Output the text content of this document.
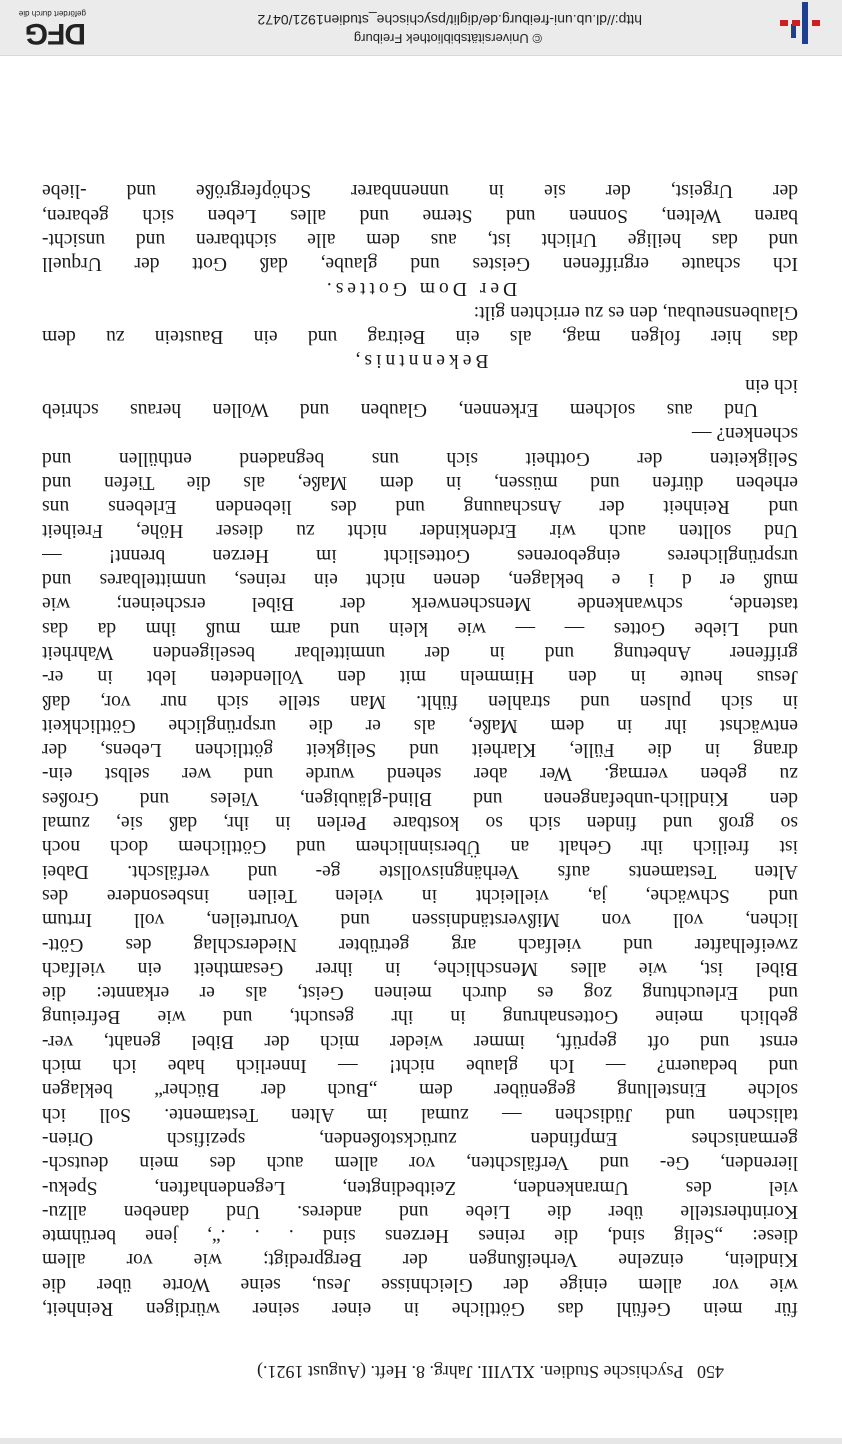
450   Psychische Studien. XLVIII. Jahrg. 8. Heft. (August 1921.)
für mein Gefühl das Göttliche in einer seiner würdigen Reinheit,
wie vor allem einige der Gleichnisse Jesu, seine Worte über die
Kindlein, einzelne Verheißungen der Bergpredigt; wie vor allem
diese: „Selig sind, die reines Herzens sind . . .“, jene berühmte
Korintherstelle über die Liebe und anderes. Und daneben allzu-
viel des Umrankenden, Zeitbedingten, Legendenhaften, Speku-
lierenden, Ge- und Verfälschten, vor allem auch des mein deutsch-
germanisches Empfinden zurückstoßenden, spezifisch Orien-
talischen und Jüdischen — zumal im Alten Testamente. Soll ich
solche Einstellung gegenüber dem „Buch der Bücher“ beklagen
und bedauern? — Ich glaube nicht! — Innerlich habe ich mich
ernst und oft geprüft, immer wieder mich der Bibel genaht, ver-
geblich meine Gottesnahrung in ihr gesucht, und wie Befreiung
und Erleuchtung zog es durch meinen Geist, als er erkannte: die
Bibel ist, wie alles Menschliche, in ihrer Gesamtheit ein vielfach
zweifelhafter und vielfach arg getrübter Niederschlag des Gött-
lichen, voll von Mißverständnissen und Vorurteilen, voll Irrtum
und Schwäche, ja, vielleicht in vielen Teilen insbesondere des
Alten Testaments aufs Verhängnisvollste ge- und verfälscht. Dabei
ist freilich ihr Gehalt an Übersinnlichem und Göttlichem doch noch
so groß und finden sich so kostbare Perlen in ihr, daß sie, zumal
den Kindlich-unbefangenen und Blind-gläubigen, Vieles und Großes
zu geben vermag. Wer aber sehend wurde und wer selbst ein-
drang in die Fülle, Klarheit und Seligkeit göttlichen Lebens, der
entwächst ihr in dem Maße, als er die ursprüngliche Göttlichkeit
in sich pulsen und strahlen fühlt. Man stelle sich nur vor, daß
Jesus heute in den Himmeln mit den Vollendeten lebt in er-
griffener Anbetung und in der unmittelbar beseligenden Wahrheit
und Liebe Gottes — — wie klein und arm muß ihm da das
tastende, schwankende Menschenwerk der Bibel erscheinen; wie
muß er d i e beklagen, denen nicht ein reines, unmittelbares und
ursprünglicheres eingeborenes Gotteslicht im Herzen brennt! —
Und sollten auch wir Erdenkinder nicht zu dieser Höhe, Freiheit
und Reinheit der Anschauung und des liebenden Erlebens uns
erheben dürfen und müssen, in dem Maße, als die Tiefen und
Seligkeiten der Gottheit sich uns begnadend enthüllen und
schenken? —
Und aus solchem Erkennen, Glauben und Wollen heraus schrieb
ich ein
Bekenntnis,
das hier folgen mag, als ein Beitrag und ein Baustein zu dem
Glaubensneubau, den es zu errichten gilt:
Der Dom Gottes.
Ich schaute ergriffenen Geistes und glaube, daß Gott der Urquell
und das heilige Urlicht ist, aus dem alle sichtbaren und unsicht-
baren Welten, Sonnen und Sterne und alles Leben sich gebaren,
der Urgeist, der sie in unnennbarer Schöpfergröße und -liebe
http://dl.ub.uni-freiburg.de/diglit/psychische_studien1921/0472
© Universitätsbibliothek Freiburg
DFG
gefördert durch die
